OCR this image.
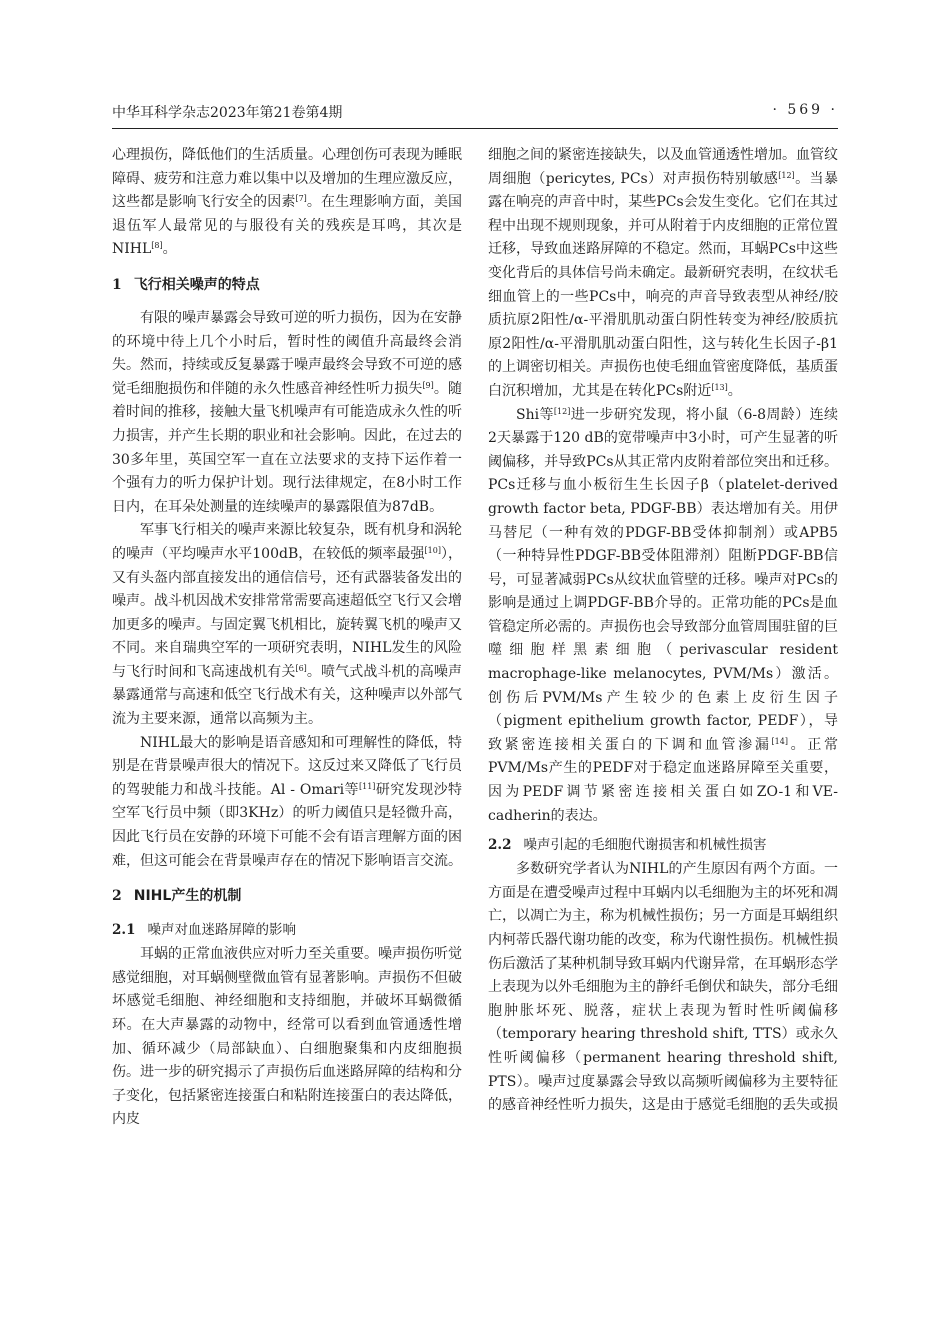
中华耳科学杂志2023年第21卷第4期	· 569 ·

心理损伤，降低他们的生活质量。心理创伤可表现为睡眠障碍、疲劳和注意力难以集中以及增加的生理应激反应，这些都是影响飞行安全的因素[7]。在生理影响方面，美国退伍军人最常见的与服役有关的残疾是耳鸣，其次是NIHL[8]。

1 飞行相关噪声的特点

有限的噪声暴露会导致可逆的听力损伤，因为在安静的环境中待上几个小时后，暂时性的阈值升高最终会消失。然而，持续或反复暴露于噪声最终会导致不可逆的感觉毛细胞损伤和伴随的永久性感音神经性听力损失[9]。随着时间的推移，接触大量飞机噪声有可能造成永久性的听力损害，并产生长期的职业和社会影响。因此，在过去的30多年里，英国空军一直在立法要求的支持下运作着一个强有力的听力保护计划。现行法律规定，在8小时工作日内，在耳朵处测量的连续噪声的暴露限值为87dB。

军事飞行相关的噪声来源比较复杂，既有机身和涡轮的噪声（平均噪声水平100dB，在较低的频率最强[10]），又有头盔内部直接发出的通信信号，还有武器装备发出的噪声。战斗机因战术安排常常需要高速超低空飞行又会增加更多的噪声。与固定翼飞机相比，旋转翼飞机的噪声又不同。来自瑞典空军的一项研究表明，NIHL发生的风险与飞行时间和飞高速战机有关[6]。喷气式战斗机的高噪声暴露通常与高速和低空飞行战术有关，这种噪声以外部气流为主要来源，通常以高频为主。

NIHL最大的影响是语音感知和可理解性的降低，特别是在背景噪声很大的情况下。这反过来又降低了飞行员的驾驶能力和战斗技能。Al - Omari等[11]研究发现沙特空军飞行员中频（即3KHz）的听力阈值只是轻微升高，因此飞行员在安静的环境下可能不会有语言理解方面的困难，但这可能会在背景噪声存在的情况下影响语言交流。

2 NIHL产生的机制
2.1 噪声对血迷路屏障的影响

耳蜗的正常血液供应对听力至关重要。噪声损伤听觉感觉细胞，对耳蜗侧壁微血管有显著影响。声损伤不但破坏感觉毛细胞、神经细胞和支持细胞，并破坏耳蜗微循环。在大声暴露的动物中，经常可以看到血管通透性增加、循环减少（局部缺血）、白细胞聚集和内皮细胞损伤。进一步的研究揭示了声损伤后血迷路屏障的结构和分子变化，包括紧密连接蛋白和粘附连接蛋白的表达降低，内皮

细胞之间的紧密连接缺失，以及血管通透性增加。血管纹周细胞（pericytes, PCs）对声损伤特别敏感[12]。当暴露在响亮的声音中时，某些PCs会发生变化。它们在其过程中出现不规则现象，并可从附着于内皮细胞的正常位置迁移，导致血迷路屏障的不稳定。然而，耳蜗PCs中这些变化背后的具体信号尚未确定。最新研究表明，在纹状毛细血管上的一些PCs中，响亮的声音导致表型从神经/胶质抗原2阳性/α-平滑肌肌动蛋白阴性转变为神经/胶质抗原2阳性/α-平滑肌肌动蛋白阳性，这与转化生长因子-β1的上调密切相关。声损伤也使毛细血管密度降低，基质蛋白沉积增加，尤其是在转化PCs附近[13]。

Shi等[12]进一步研究发现，将小鼠（6-8周龄）连续2天暴露于120 dB的宽带噪声中3小时，可产生显著的听阈偏移，并导致PCs从其正常内皮附着部位突出和迁移。PCs迁移与血小板衍生生长因子β（platelet-derived growth factor beta, PDGF-BB）表达增加有关。用伊马替尼（一种有效的PDGF-BB受体抑制剂）或APB5（一种特异性PDGF-BB受体阻滞剂）阻断PDGF-BB信号，可显著减弱PCs从纹状血管壁的迁移。噪声对PCs的影响是通过上调PDGF-BB介导的。正常功能的PCs是血管稳定所必需的。声损伤也会导致部分血管周围驻留的巨噬细胞样黑素细胞（perivascular resident macrophage-like melanocytes, PVM/Ms）激活。创伤后PVM/Ms产生较少的色素上皮衍生因子（pigment epithelium growth factor, PEDF），导致紧密连接相关蛋白的下调和血管渗漏[14]。正常PVM/Ms产生的PEDF对于稳定血迷路屏障至关重要，因为PEDF调节紧密连接相关蛋白如ZO-1和VE-cadherin的表达。

2.2 噪声引起的毛细胞代谢损害和机械性损害

多数研究学者认为NIHL的产生原因有两个方面。一方面是在遭受噪声过程中耳蜗内以毛细胞为主的坏死和凋亡，以凋亡为主，称为机械性损伤；另一方面是耳蜗组织内柯蒂氏器代谢功能的改变，称为代谢性损伤。机械性损伤后激活了某种机制导致耳蜗内代谢异常，在耳蜗形态学上表现为以外毛细胞为主的静纤毛倒伏和缺失，部分毛细胞肿胀坏死、脱落，症状上表现为暂时性听阈偏移（temporary hearing threshold shift, TTS）或永久性听阈偏移（permanent hearing threshold shift, PTS）。噪声过度暴露会导致以高频听阈偏移为主要特征的感音神经性听力损失，这是由于感觉毛细胞的丢失或损
